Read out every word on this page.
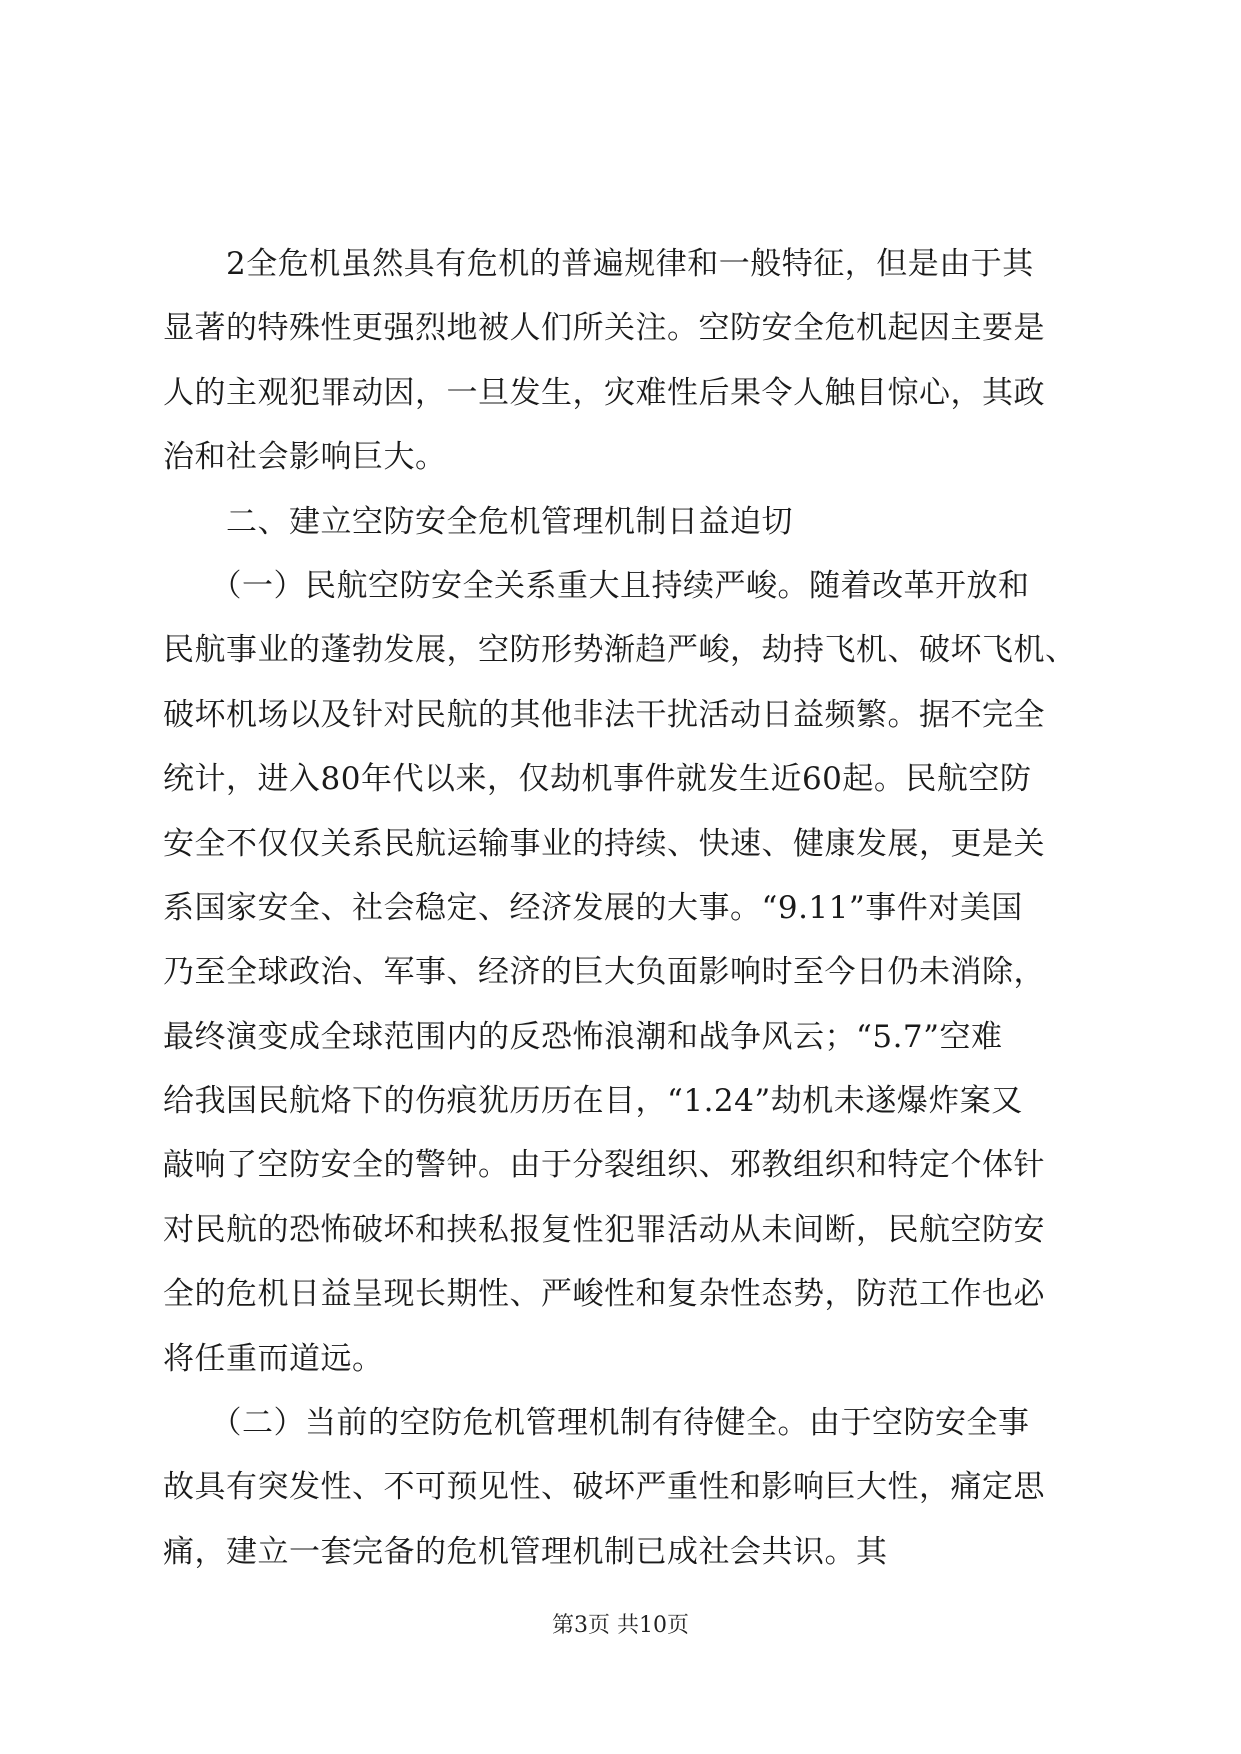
　　2全危机虽然具有危机的普遍规律和一般特征，但是由于其
显著的特殊性更强烈地被人们所关注。空防安全危机起因主要是
人的主观犯罪动因，一旦发生，灾难性后果令人触目惊心，其政
治和社会影响巨大。
　　二、建立空防安全危机管理机制日益迫切
　　（一）民航空防安全关系重大且持续严峻。随着改革开放和
民航事业的蓬勃发展，空防形势渐趋严峻，劫持飞机、破坏飞机、
破坏机场以及针对民航的其他非法干扰活动日益频繁。据不完全
统计，进入80年代以来，仅劫机事件就发生近60起。民航空防
安全不仅仅关系民航运输事业的持续、快速、健康发展，更是关
系国家安全、社会稳定、经济发展的大事。“9.11”事件对美国
乃至全球政治、军事、经济的巨大负面影响时至今日仍未消除，
最终演变成全球范围内的反恐怖浪潮和战争风云；“5.7”空难
给我国民航烙下的伤痕犹历历在目，“1.24”劫机未遂爆炸案又
敲响了空防安全的警钟。由于分裂组织、邪教组织和特定个体针
对民航的恐怖破坏和挟私报复性犯罪活动从未间断，民航空防安
全的危机日益呈现长期性、严峻性和复杂性态势，防范工作也必
将任重而道远。
　　（二）当前的空防危机管理机制有待健全。由于空防安全事
故具有突发性、不可预见性、破坏严重性和影响巨大性，痛定思
痛，建立一套完备的危机管理机制已成社会共识。其
第3页 共10页
